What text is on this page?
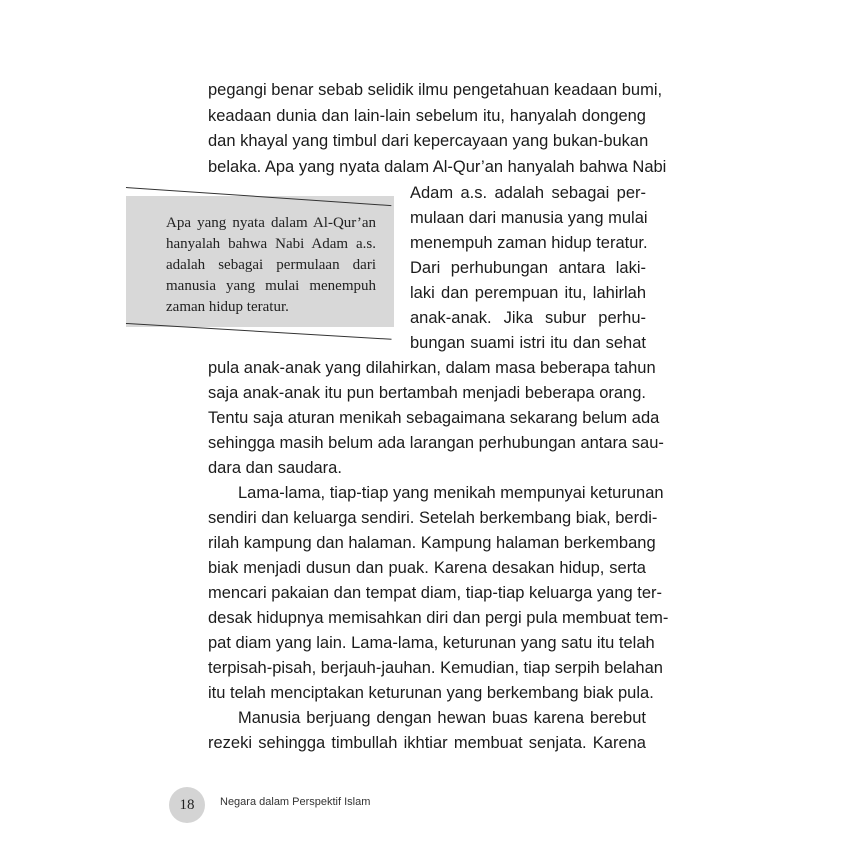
pegangi benar sebab selidik ilmu pengetahuan keadaan bumi,
keadaan dunia dan lain-lain sebelum itu, hanyalah dongeng
dan khayal yang timbul dari kepercayaan yang bukan-bukan
belaka. Apa yang nyata dalam Al-Qur’an hanyalah bahwa Nabi
Apa yang nyata dalam Al-Qur’an
hanyalah bahwa Nabi Adam a.s.
adalah sebagai permulaan dari
manusia yang mulai menempuh
zaman hidup teratur.
Adam a.s. adalah sebagai per-
mulaan dari manusia yang mulai
menempuh zaman hidup teratur.
Dari perhubungan antara laki-
laki dan perempuan itu, lahirlah
anak-anak. Jika subur perhu-
bungan suami istri itu dan sehat
pula anak-anak yang dilahirkan, dalam masa beberapa tahun
saja anak-anak itu pun bertambah menjadi beberapa orang.
Tentu saja aturan menikah sebagaimana sekarang belum ada
sehingga masih belum ada larangan perhubungan antara sau-
dara dan saudara.
Lama-lama, tiap-tiap yang menikah mempunyai keturunan
sendiri dan keluarga sendiri. Setelah berkembang biak, berdi-
rilah kampung dan halaman. Kampung halaman berkembang
biak menjadi dusun dan puak. Karena desakan hidup, serta
mencari pakaian dan tempat diam, tiap-tiap keluarga yang ter-
desak hidupnya memisahkan diri dan pergi pula membuat tem-
pat diam yang lain. Lama-lama, keturunan yang satu itu telah
terpisah-pisah, berjauh-jauhan. Kemudian, tiap serpih belahan
itu telah menciptakan keturunan yang berkembang biak pula.
Manusia berjuang dengan hewan buas karena berebut
rezeki sehingga timbullah ikhtiar membuat senjata. Karena
18	Negara dalam Perspektif Islam
